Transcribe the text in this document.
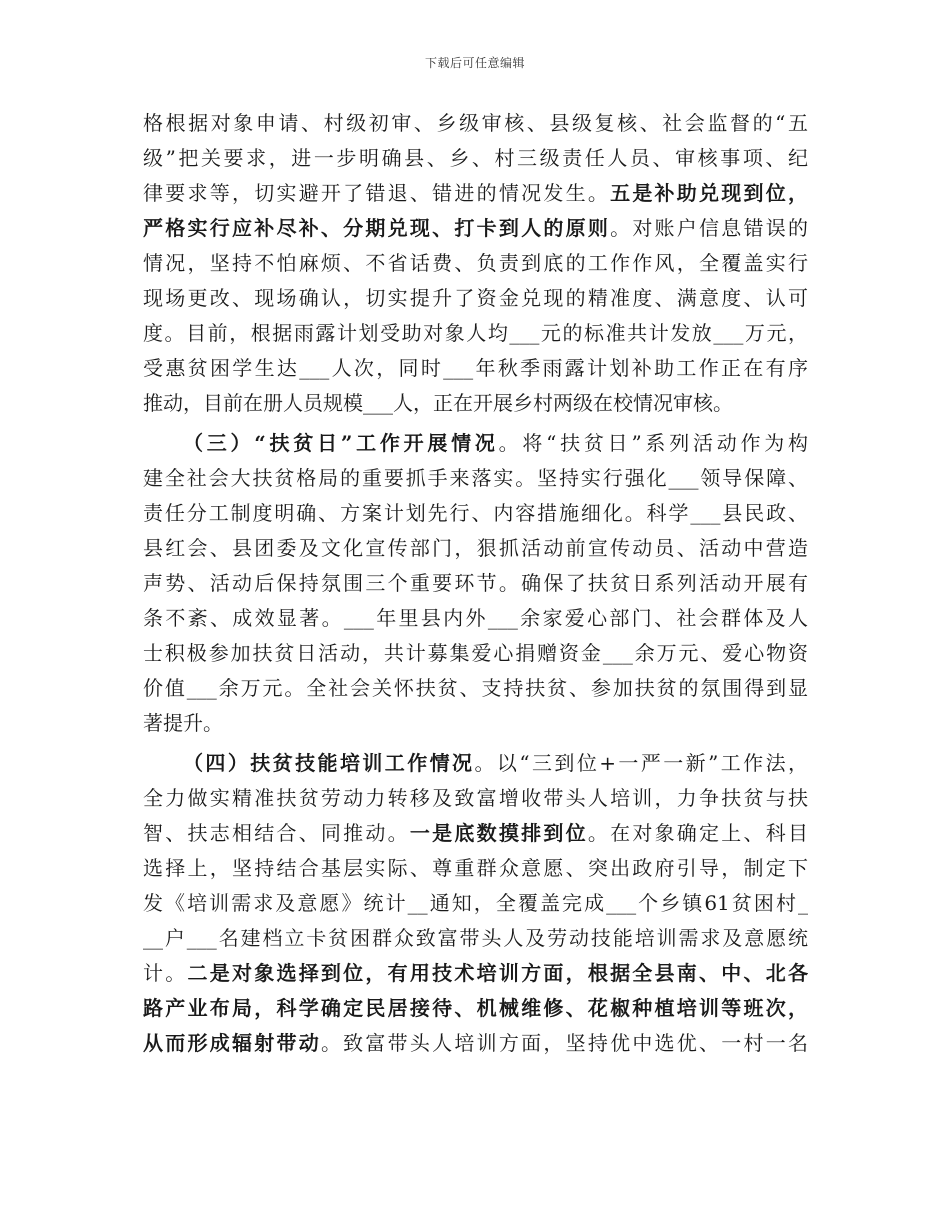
下载后可任意编辑
格根据对象申请、村级初审、乡级审核、县级复核、社会监督的“五
级”把关要求，进一步明确县、乡、村三级责任人员、审核事项、纪
律要求等，切实避开了错退、错进的情况发生。五是补助兑现到位，
严格实行应补尽补、分期兑现、打卡到人的原则。对账户信息错误的
情况，坚持不怕麻烦、不省话费、负责到底的工作作风，全覆盖实行
现场更改、现场确认，切实提升了资金兑现的精准度、满意度、认可
度。目前，根据雨露计划受助对象人均___元的标准共计发放___万元，
受惠贫困学生达___人次，同时___年秋季雨露计划补助工作正在有序
推动，目前在册人员规模___人，正在开展乡村两级在校情况审核。
（三）“扶贫日”工作开展情况。将“扶贫日”系列活动作为构
建全社会大扶贫格局的重要抓手来落实。坚持实行强化___领导保障、
责任分工制度明确、方案计划先行、内容措施细化。科学___县民政、
县红会、县团委及文化宣传部门，狠抓活动前宣传动员、活动中营造
声势、活动后保持氛围三个重要环节。确保了扶贫日系列活动开展有
条不紊、成效显著。___年里县内外___余家爱心部门、社会群体及人
士积极参加扶贫日活动，共计募集爱心捐赠资金___余万元、爱心物资
价值___余万元。全社会关怀扶贫、支持扶贫、参加扶贫的氛围得到显
著提升。
（四）扶贫技能培训工作情况。以“三到位+一严一新”工作法，
全力做实精准扶贫劳动力转移及致富增收带头人培训，力争扶贫与扶
智、扶志相结合、同推动。一是底数摸排到位。在对象确定上、科目
选择上，坚持结合基层实际、尊重群众意愿、突出政府引导，制定下
发《培训需求及意愿》统计__通知，全覆盖完成___个乡镇61贫困村_
__户___名建档立卡贫困群众致富带头人及劳动技能培训需求及意愿统
计。二是对象选择到位，有用技术培训方面，根据全县南、中、北各
路产业布局，科学确定民居接待、机械维修、花椒种植培训等班次，
从而形成辐射带动。致富带头人培训方面，坚持优中选优、一村一名
